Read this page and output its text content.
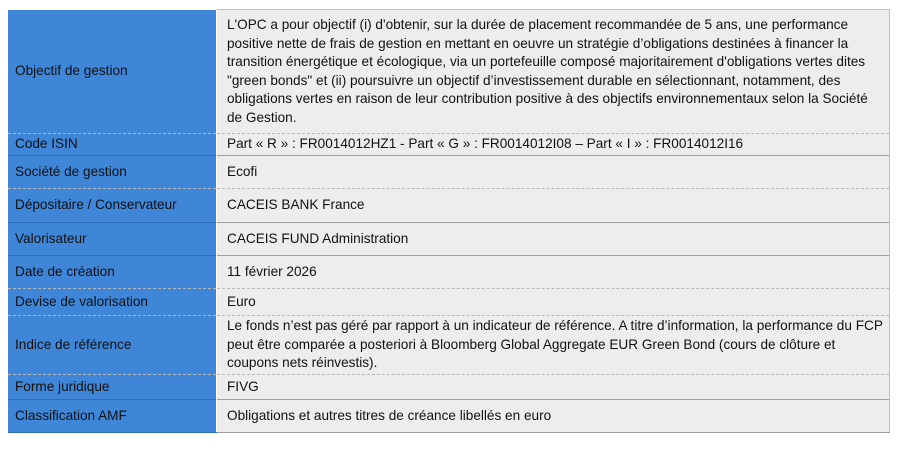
Objectif de gestion	L'OPC a pour objectif (i) d'obtenir, sur la durée de placement recommandée de 5 ans, une performance positive nette de frais de gestion en mettant en oeuvre un stratégie d’obligations destinées à financer la transition énergétique et écologique, via un portefeuille composé majoritairement d'obligations vertes dites "green bonds" et (ii) poursuivre un objectif d’investissement durable en sélectionnant, notamment, des obligations vertes en raison de leur contribution positive à des objectifs environnementaux selon la Société de Gestion.
Code ISIN	Part « R » : FR0014012HZ1 - Part « G » : FR0014012I08 – Part « I » : FR0014012I16
Société de gestion	Ecofi
Dépositaire / Conservateur	CACEIS BANK France
Valorisateur	CACEIS FUND Administration
Date de création	11 février 2026
Devise de valorisation	Euro
Indice de référence	Le fonds n’est pas géré par rapport à un indicateur de référence. A titre d’information, la performance du FCP peut être comparée a posteriori à Bloomberg Global Aggregate EUR Green Bond (cours de clôture et coupons nets réinvestis).
Forme juridique	FIVG
Classification AMF	Obligations et autres titres de créance libellés en euro
